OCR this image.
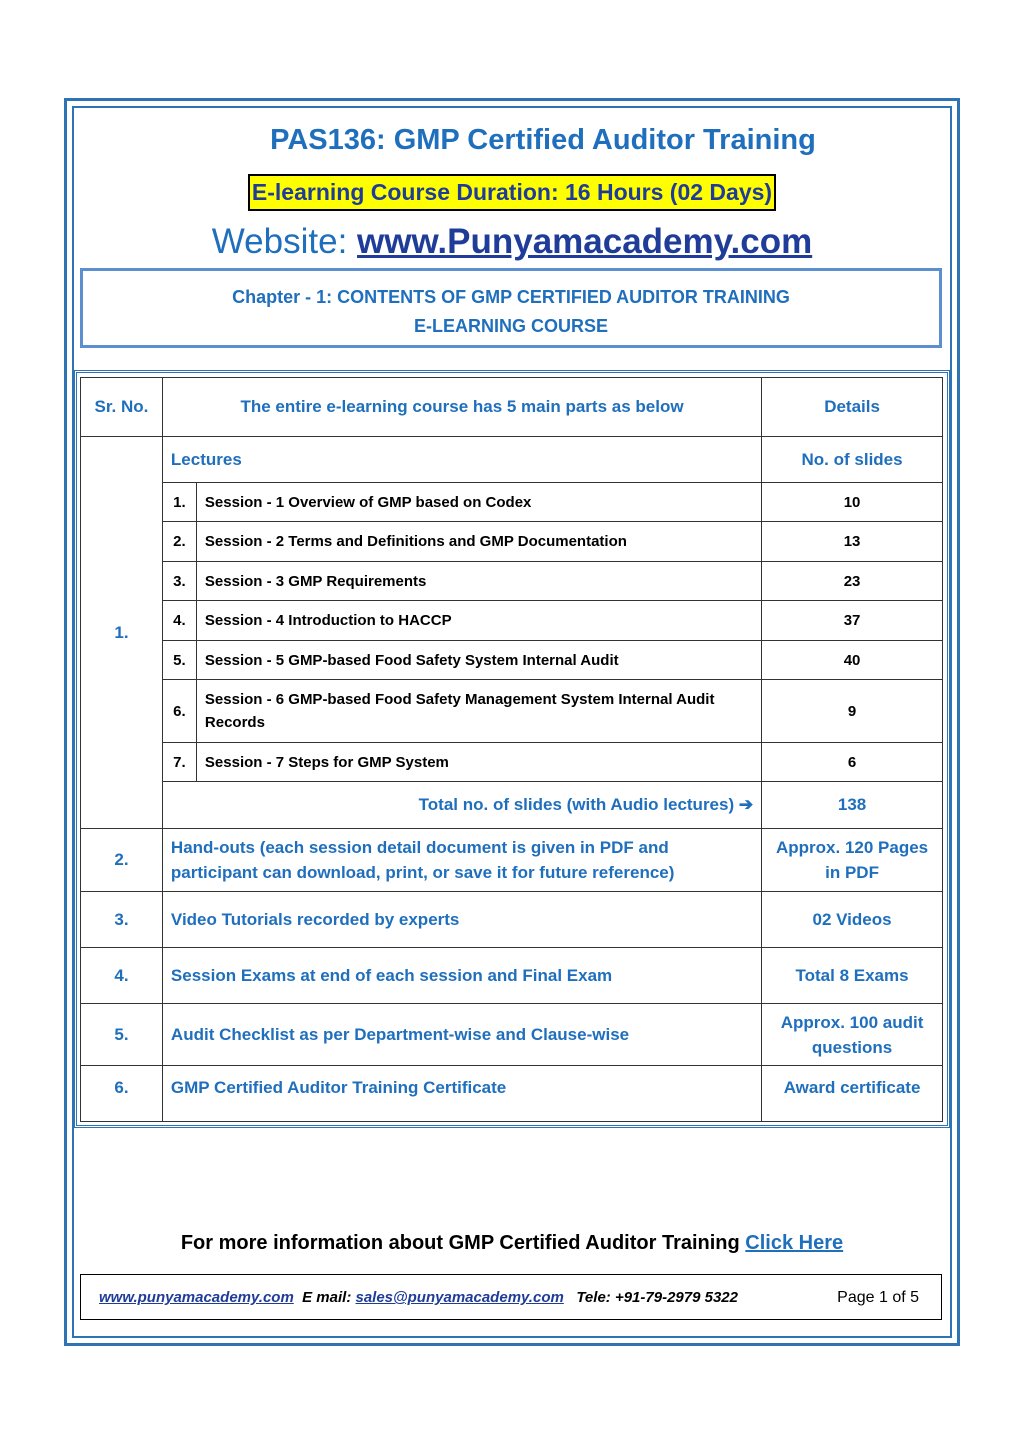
PAS136: GMP Certified Auditor Training
E-learning Course Duration: 16 Hours (02 Days)
Website: www.Punyamacademy.com
Chapter - 1: CONTENTS OF GMP CERTIFIED AUDITOR TRAINING
E-LEARNING COURSE
Sr. No.	The entire e-learning course has 5 main parts as below		Details
1.	Lectures		No. of slides
	1.	Session - 1 Overview of GMP based on Codex	10
	2.	Session - 2 Terms and Definitions and GMP Documentation	13
	3.	Session - 3 GMP Requirements	23
	4.	Session - 4 Introduction to HACCP	37
	5.	Session - 5 GMP-based Food Safety System Internal Audit	40
	6.	Session - 6 GMP-based Food Safety Management System Internal Audit Records	9
	7.	Session - 7 Steps for GMP System	6
	Total no. of slides (with Audio lectures) ➔		138
2.	Hand-outs (each session detail document is given in PDF and participant can download, print, or save it for future reference)		Approx. 120 Pages in PDF
3.	Video Tutorials recorded by experts		02 Videos
4.	Session Exams at end of each session and Final Exam		Total 8 Exams
5.	Audit Checklist as per Department-wise and Clause-wise		Approx. 100 audit questions
6.	GMP Certified Auditor Training Certificate		Award certificate
For more information about GMP Certified Auditor Training Click Here
www.punyamacademy.com  E mail: sales@punyamacademy.com   Tele: +91-79-2979 5322	Page 1 of 5
